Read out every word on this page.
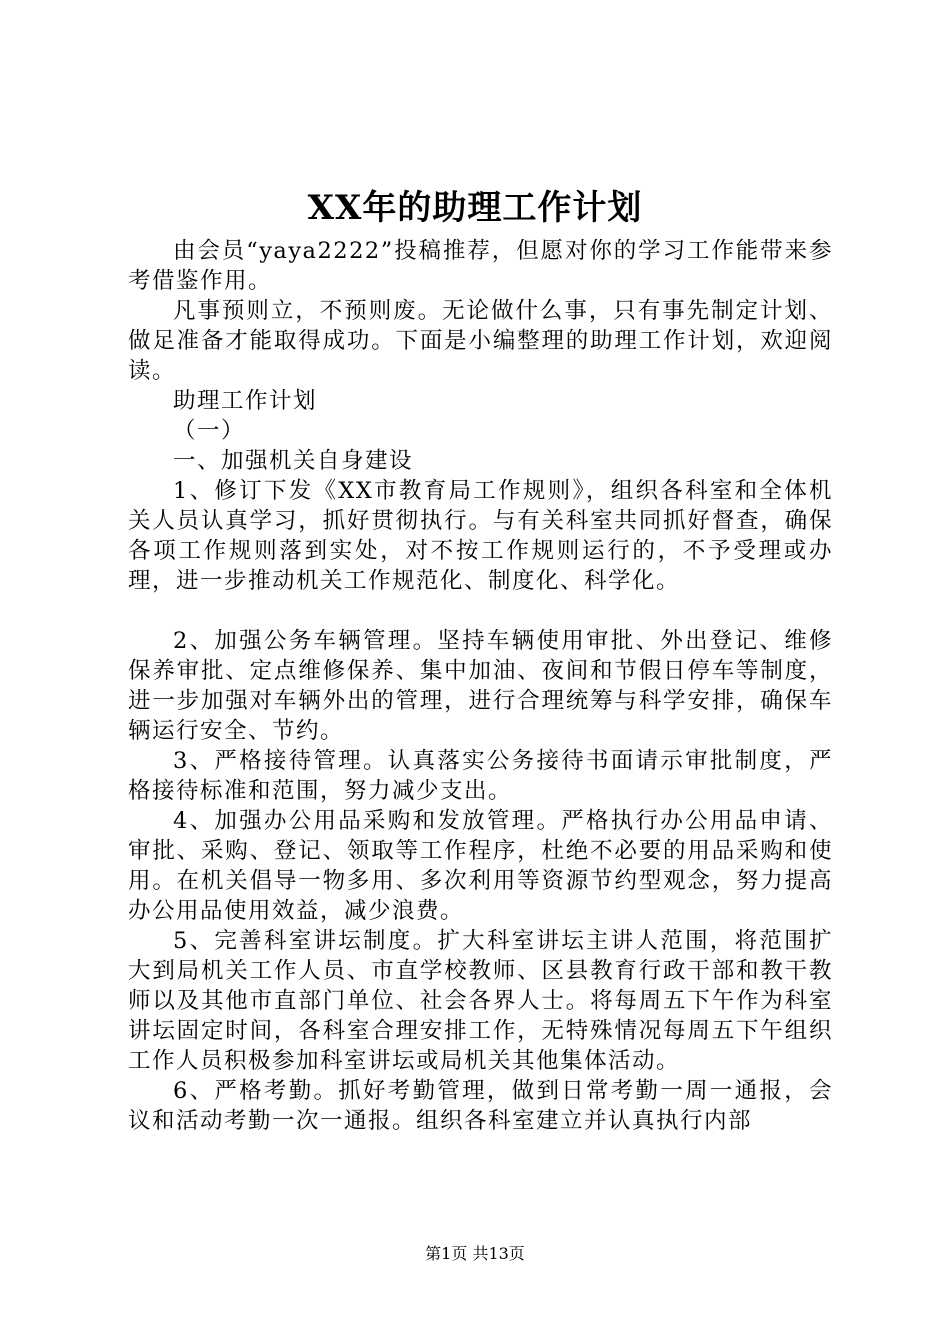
XX年的助理工作计划

由会员“yaya2222”投稿推荐，但愿对你的学习工作能带来参考借鉴作用。

凡事预则立，不预则废。无论做什么事，只有事先制定计划、做足准备才能取得成功。下面是小编整理的助理工作计划，欢迎阅读。

助理工作计划

（一）

一、加强机关自身建设

1、修订下发《XX市教育局工作规则》，组织各科室和全体机关人员认真学习，抓好贯彻执行。与有关科室共同抓好督查，确保各项工作规则落到实处，对不按工作规则运行的，不予受理或办理，进一步推动机关工作规范化、制度化、科学化。

2、加强公务车辆管理。坚持车辆使用审批、外出登记、维修保养审批、定点维修保养、集中加油、夜间和节假日停车等制度，进一步加强对车辆外出的管理，进行合理统筹与科学安排，确保车辆运行安全、节约。

3、严格接待管理。认真落实公务接待书面请示审批制度，严格接待标准和范围，努力减少支出。

4、加强办公用品采购和发放管理。严格执行办公用品申请、审批、采购、登记、领取等工作程序，杜绝不必要的用品采购和使用。在机关倡导一物多用、多次利用等资源节约型观念，努力提高办公用品使用效益，减少浪费。

5、完善科室讲坛制度。扩大科室讲坛主讲人范围，将范围扩大到局机关工作人员、市直学校教师、区县教育行政干部和教干教师以及其他市直部门单位、社会各界人士。将每周五下午作为科室讲坛固定时间，各科室合理安排工作，无特殊情况每周五下午组织工作人员积极参加科室讲坛或局机关其他集体活动。

6、严格考勤。抓好考勤管理，做到日常考勤一周一通报，会议和活动考勤一次一通报。组织各科室建立并认真执行内部

第1页 共13页
